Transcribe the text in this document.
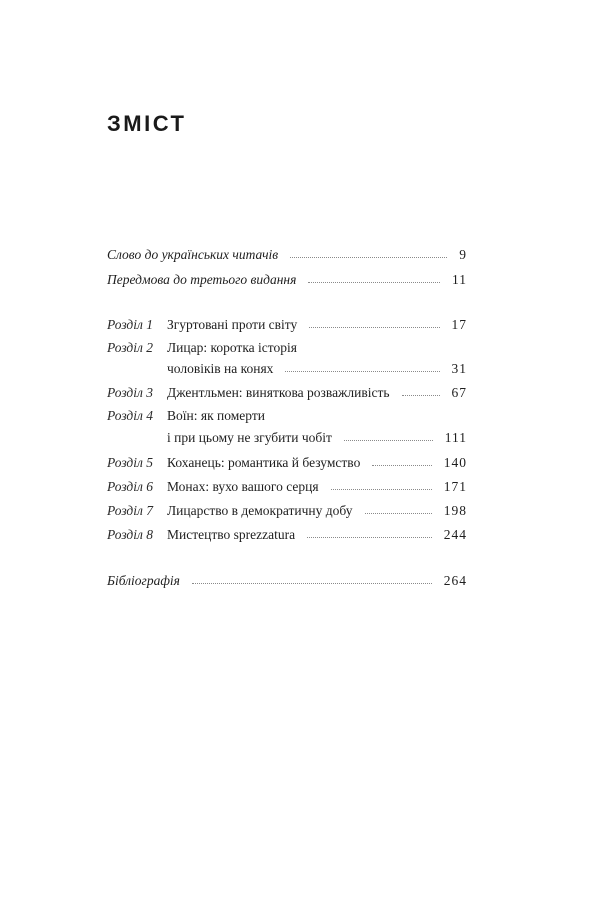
ЗМІСТ
Слово до українських читачів	9
Передмова до третього видання	11
Розділ 1	Згуртовані проти світу	17
Розділ 2 Лицар: коротка історія
чоловіків на конях	31
Розділ 3	Джентльмен: виняткова розважливість	67
Розділ 4 Воїн: як померти
і при цьому не згубити чобіт	111
Розділ 5	Коханець: романтика й безумство	140
Розділ 6	Монах: вухо вашого серця	171
Розділ 7	Лицарство в демократичну добу	198
Розділ 8	Мистецтво sprezzatura	244
Бібліографія	264
